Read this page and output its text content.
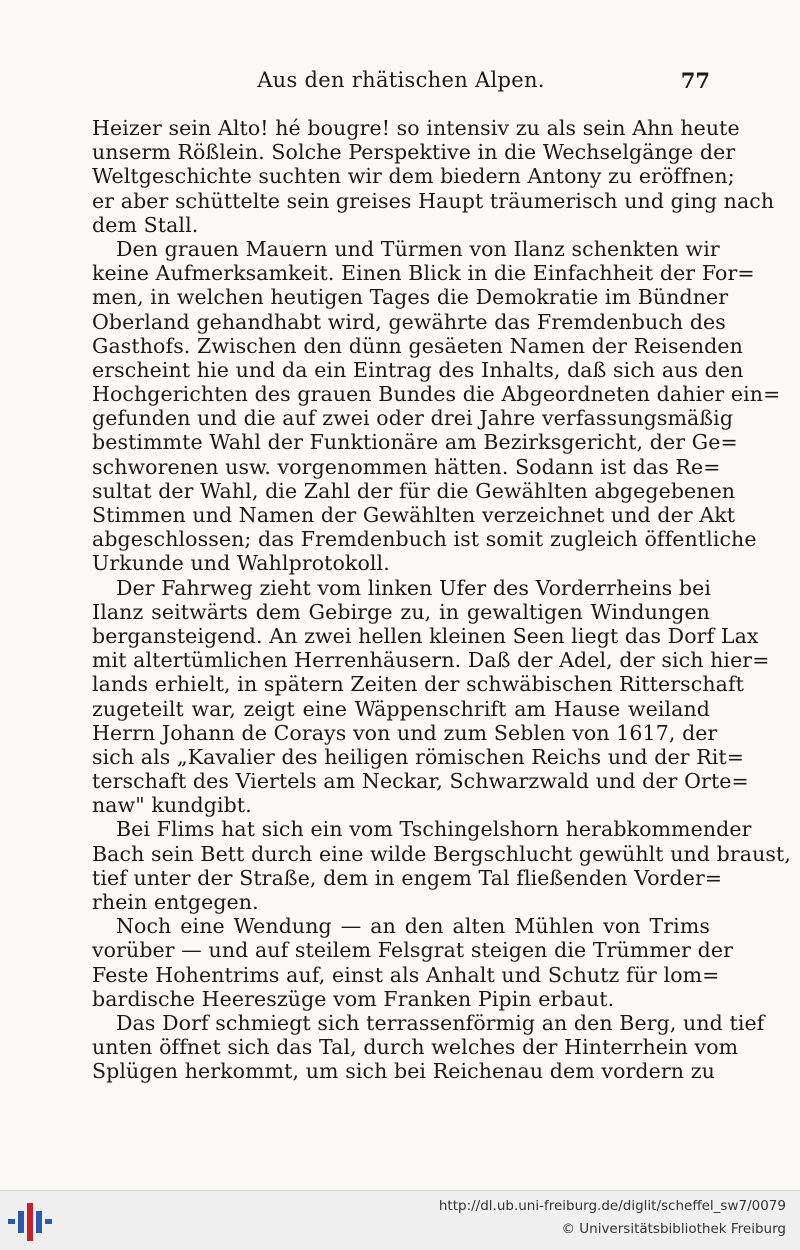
Aus den rhätischen Alpen.	77
Heizer sein Alto! hé bougre! so intensiv zu als sein Ahn heute
unserm Rößlein. Solche Perspektive in die Wechselgänge der
Weltgeschichte suchten wir dem biedern Antony zu eröffnen;
er aber schüttelte sein greises Haupt träumerisch und ging nach
dem Stall.
Den grauen Mauern und Türmen von Ilanz schenkten wir
keine Aufmerksamkeit. Einen Blick in die Einfachheit der For=
men, in welchen heutigen Tages die Demokratie im Bündner
Oberland gehandhabt wird, gewährte das Fremdenbuch des
Gasthofs. Zwischen den dünn gesäeten Namen der Reisenden
erscheint hie und da ein Eintrag des Inhalts, daß sich aus den
Hochgerichten des grauen Bundes die Abgeordneten dahier ein=
gefunden und die auf zwei oder drei Jahre verfassungsmäßig
bestimmte Wahl der Funktionäre am Bezirksgericht, der Ge=
schworenen usw. vorgenommen hätten. Sodann ist das Re=
sultat der Wahl, die Zahl der für die Gewählten abgegebenen
Stimmen und Namen der Gewählten verzeichnet und der Akt
abgeschlossen; das Fremdenbuch ist somit zugleich öffentliche
Urkunde und Wahlprotokoll.
Der Fahrweg zieht vom linken Ufer des Vorderrheins bei
Ilanz seitwärts dem Gebirge zu, in gewaltigen Windungen
bergansteigend. An zwei hellen kleinen Seen liegt das Dorf Lax
mit altertümlichen Herrenhäusern. Daß der Adel, der sich hier=
lands erhielt, in spätern Zeiten der schwäbischen Ritterschaft
zugeteilt war, zeigt eine Wäppenschrift am Hause weiland
Herrn Johann de Corays von und zum Seblen von 1617, der
sich als „Kavalier des heiligen römischen Reichs und der Rit=
terschaft des Viertels am Neckar, Schwarzwald und der Orte=
naw" kundgibt.
Bei Flims hat sich ein vom Tschingelshorn herabkommender
Bach sein Bett durch eine wilde Bergschlucht gewühlt und braust,
tief unter der Straße, dem in engem Tal fließenden Vorder=
rhein entgegen.
Noch eine Wendung — an den alten Mühlen von Trims
vorüber — und auf steilem Felsgrat steigen die Trümmer der
Feste Hohentrims auf, einst als Anhalt und Schutz für lom=
bardische Heereszüge vom Franken Pipin erbaut.
Das Dorf schmiegt sich terrassenförmig an den Berg, und tief
unten öffnet sich das Tal, durch welches der Hinterrhein vom
Splügen herkommt, um sich bei Reichenau dem vordern zu
http://dl.ub.uni-freiburg.de/diglit/scheffel_sw7/0079
© Universitätsbibliothek Freiburg
